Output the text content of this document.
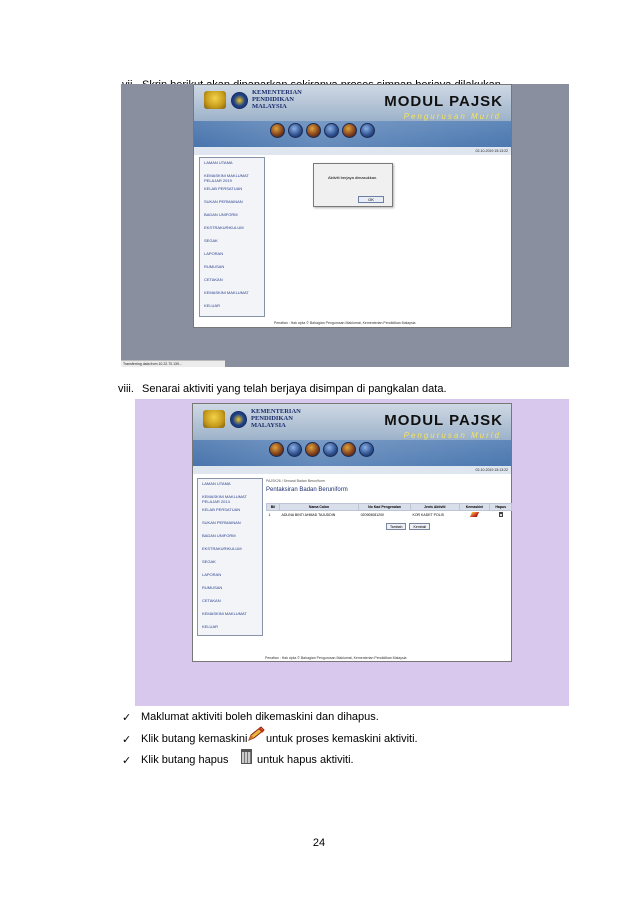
KEMENTERIAN
PENDIDIKAN
MALAYSIA	MODUL PAJSK
Pengurusan Murid
02-10-2019 15:13:22
LAMAN UTAMA
KEMASKINI MAKLUMAT PELAJAR 2019
KELAB PERSATUAN
SUKAN PERMAINAN
BADAN UNIFORM
EKSTRAKURIKULUM
SEGAK
LAPORAN
RUMUSAN
CETAKAN
KEMASKINI MAKLUMAT
KELUAR
Aktiviti berjaya dimasukkan.
OK
Penafian : Hak cipta © Bahagian Pengurusan Maklumat, Kementerian Pendidikan Malaysia
Transferring data from 10.22.70.139...
viii. Senarai aktiviti yang telah berjaya disimpan di pangkalan data.
KEMENTERIAN
PENDIDIKAN
MALAYSIA	MODUL PAJSK
Pengurusan Murid
02-10-2019 15:13:22
LAMAN UTAMA
KEMASKINI MAKLUMAT PELAJAR 2014
KELAB PERSATUAN
SUKAN PERMAINAN
BADAN UNIFORM
EKSTRAKURIKULUM
SEGAK
LAPORAN
RUMUSAN
CETAKAN
KEMASKINI MAKLUMAT
KELUAR
PAJSK26 / Senarai Badan Beruniform
Pentaksiran Badan Beruniform
Bil	Nama Calon	No Kad Pengenalan	Jenis Aktiviti	Kemaskini	Hapus
1	ADLINA BINTI AHMAD TAJUDDIN	020905081200	KOR KADET POLIS		
Tambah	Kembali
Penafian : Hak cipta © Bahagian Pengurusan Maklumat, Kementerian Pendidikan Malaysia
✓ Maklumat aktiviti boleh dikemaskini dan dihapus.
✓ Klik butang kemaskini untuk proses kemaskini aktiviti.
✓ Klik butang hapus	untuk hapus aktiviti.
24
